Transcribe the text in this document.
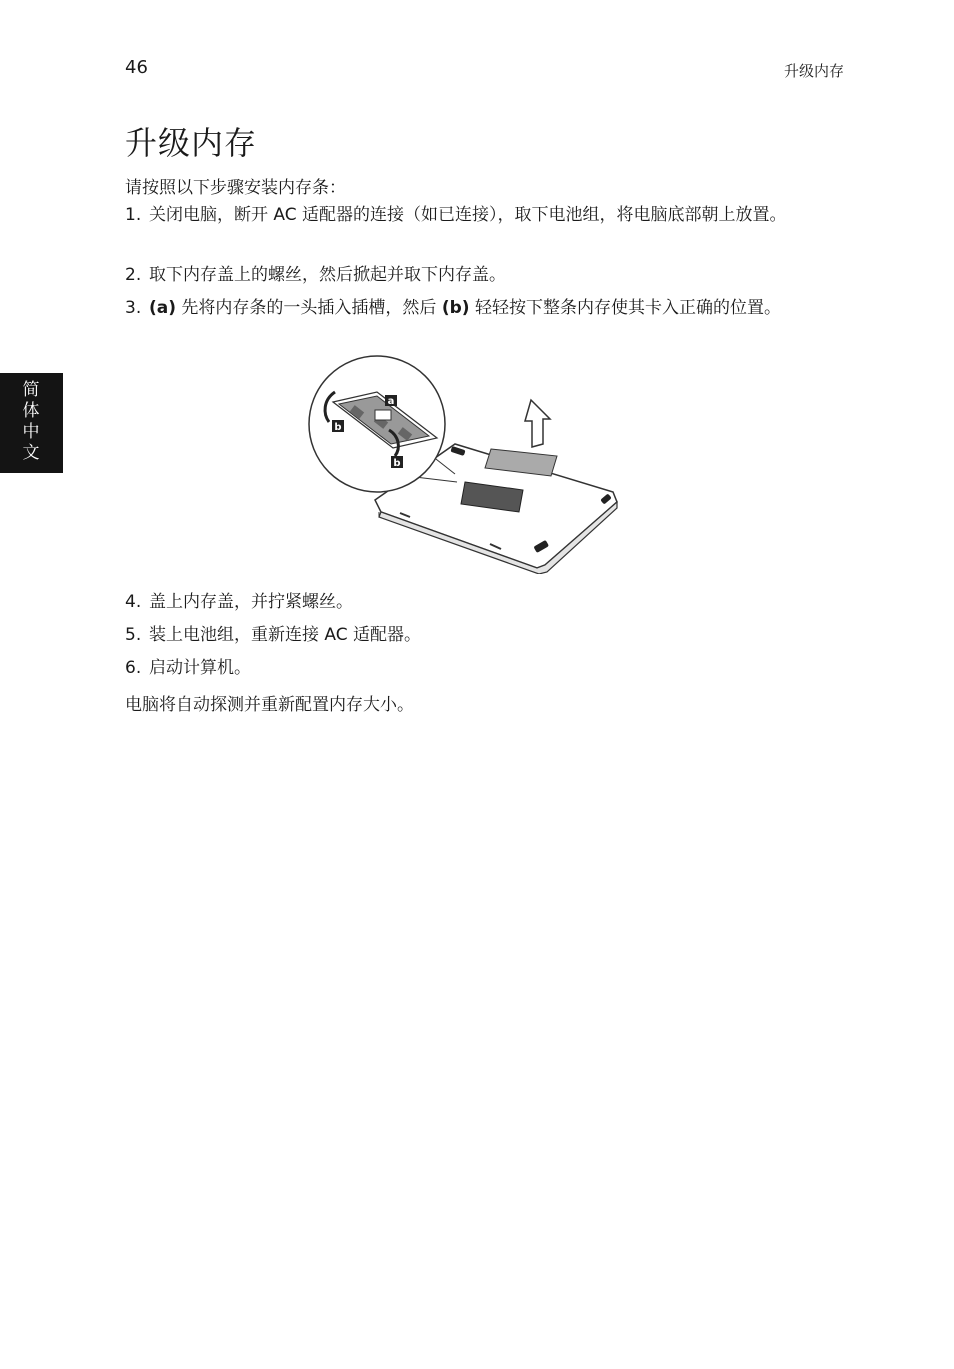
46	升级内存
升级内存
请按照以下步骤安装内存条：
1. 关闭电脑，断开 AC 适配器的连接（如已连接），取下电池组，将电脑底部朝上放置。
2. 取下内存盖上的螺丝，然后掀起并取下内存盖。
3. (a) 先将内存条的一头插入插槽，然后 (b) 轻轻按下整条内存使其卡入正确的位置。
a
b
b
4. 盖上内存盖，并拧紧螺丝。
5. 装上电池组，重新连接 AC 适配器。
6. 启动计算机。
电脑将自动探测并重新配置内存大小。
简体中文
